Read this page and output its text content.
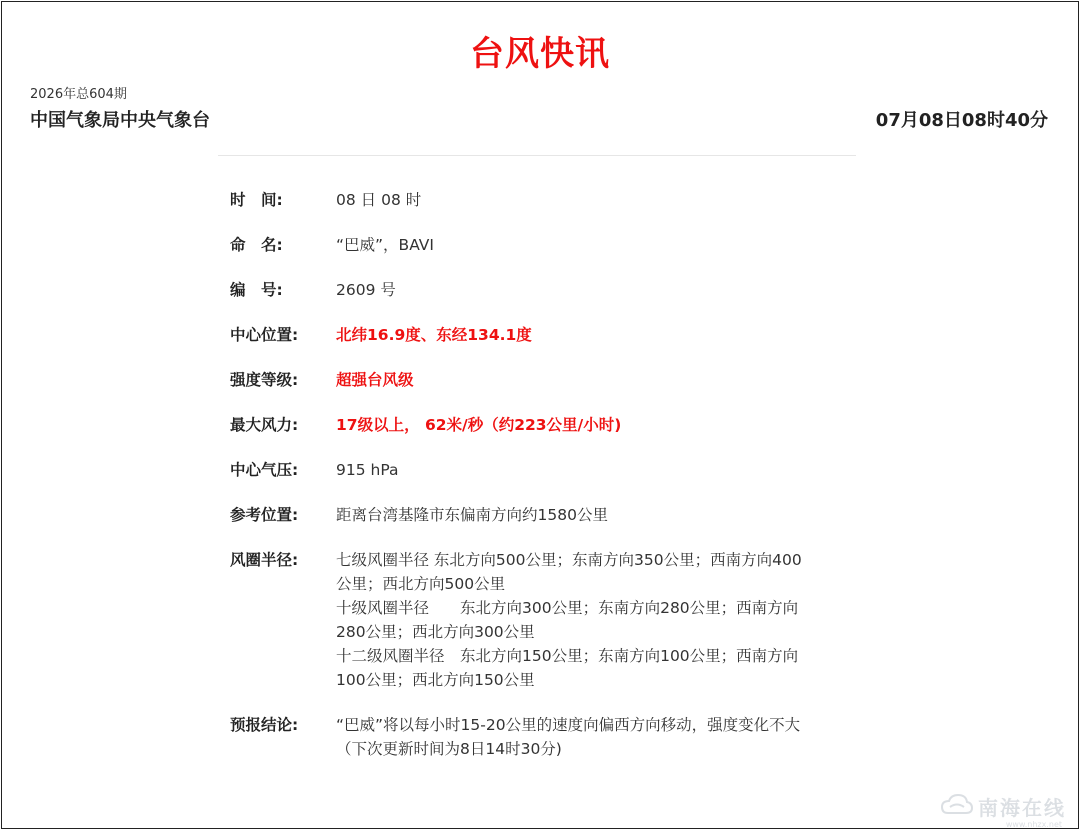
台风快讯
2026年总604期
中国气象局中央气象台	07月08日08时40分
时　间:	08 日 08 时
命　名:	“巴威”，BAVI
编　号:	2609 号
中心位置:	北纬16.9度、东经134.1度
强度等级:	超强台风级
最大风力:	17级以上， 62米/秒（约223公里/小时)
中心气压:	915 hPa
参考位置:	距离台湾基隆市东偏南方向约1580公里
风圈半径:	七级风圈半径 东北方向500公里；东南方向350公里；西南方向400
公里；西北方向500公里
十级风圈半径　　东北方向300公里；东南方向280公里；西南方向
280公里；西北方向300公里
十二级风圈半径　东北方向150公里；东南方向100公里；西南方向
100公里；西北方向150公里
预报结论:	“巴威”将以每小时15-20公里的速度向偏西方向移动，强度变化不大
（下次更新时间为8日14时30分)
南海在线
www.nhzx.net
